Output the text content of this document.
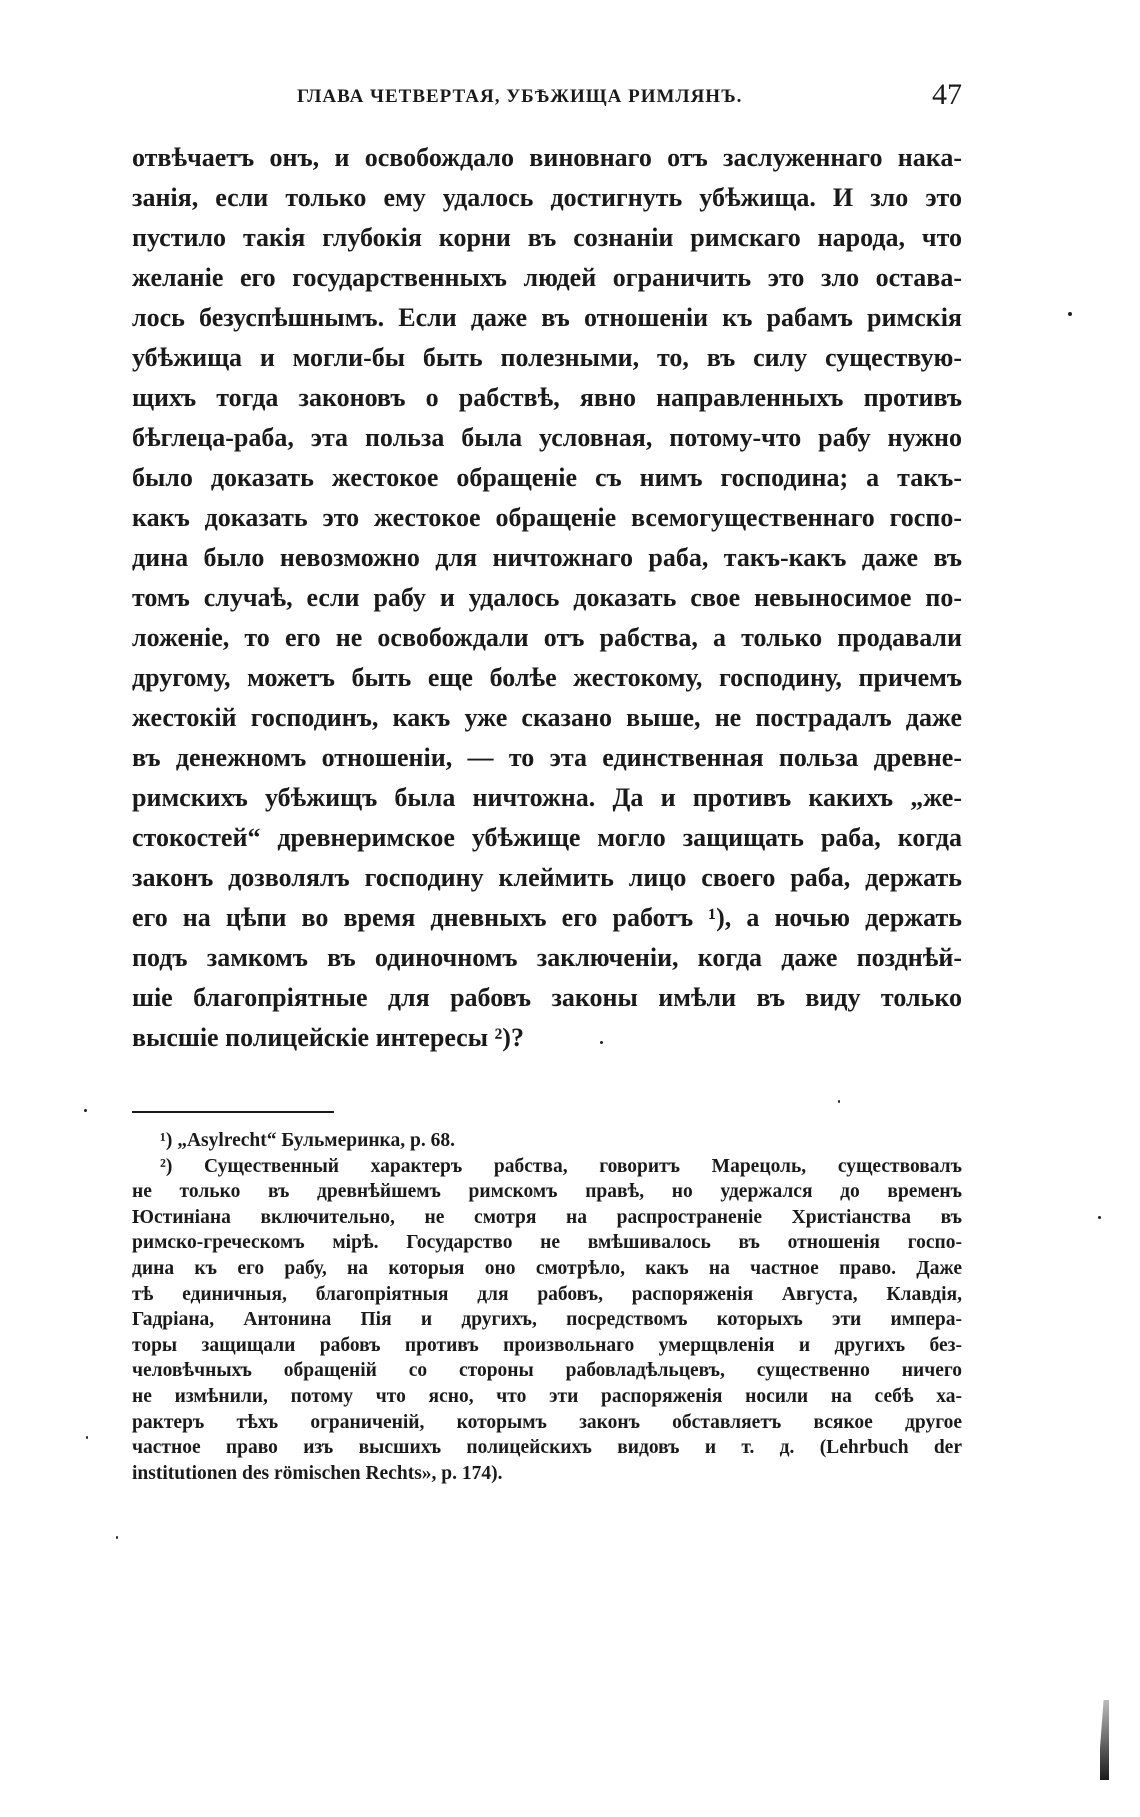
ГЛАВА ЧЕТВЕРТАЯ, УБѢЖИЩА РИМЛЯНЪ.	47
отвѣчаетъ онъ, и освобождало виновнаго отъ заслуженнаго нака-
занія, если только ему удалось достигнуть убѣжища. И зло это
пустило такія глубокія корни въ сознаніи римскаго народа, что
желаніе его государственныхъ людей ограничить это зло остава-
лось безуспѣшнымъ. Если даже въ отношеніи къ рабамъ римскія
убѣжища и могли-бы быть полезными, то, въ силу существую-
щихъ тогда законовъ о рабствѣ, явно направленныхъ противъ
бѣглеца-раба, эта польза была условная, потому-что рабу нужно
было доказать жестокое обращеніе съ нимъ господина; а такъ-
какъ доказать это жестокое обращеніе всемогущественнаго госпо-
дина было невозможно для ничтожнаго раба, такъ-какъ даже въ
томъ случаѣ, если рабу и удалось доказать свое невыносимое по-
ложеніе, то его не освобождали отъ рабства, а только продавали
другому, можетъ быть еще болѣе жестокому, господину, причемъ
жестокій господинъ, какъ уже сказано выше, не пострадалъ даже
въ денежномъ отношеніи, — то эта единственная польза древне-
римскихъ убѣжищъ была ничтожна. Да и противъ какихъ „же-
стокостей“ древнеримское убѣжище могло защищать раба, когда
законъ дозволялъ господину клеймить лицо своего раба, держать
его на цѣпи во время дневныхъ его работъ ¹), а ночью держать
подъ замкомъ въ одиночномъ заключеніи, когда даже позднѣй-
шіе благопріятные для рабовъ законы имѣли въ виду только
высшіе полицейскіе интересы ²)?
¹) „Asylrecht“ Бульмеринка, р. 68.
²) Существенный характеръ рабства, говоритъ Марецоль, существовалъ
не только въ древнѣйшемъ римскомъ правѣ, но удержался до временъ
Юстиніана включительно, не смотря на распространеніе Христіанства въ
римско-греческомъ мірѣ. Государство не вмѣшивалось въ отношенія госпо-
дина къ его рабу, на которыя оно смотрѣло, какъ на частное право. Даже
тѣ единичныя, благопріятныя для рабовъ, распоряженія Августа, Клавдія,
Гадріана, Антонина Пія и другихъ, посредствомъ которыхъ эти импера-
торы защищали рабовъ противъ произвольнаго умерщвленія и другихъ без-
человѣчныхъ обращеній со стороны рабовладѣльцевъ, существенно ничего
не измѣнили, потому что ясно, что эти распоряженія носили на себѣ ха-
рактеръ тѣхъ ограниченій, которымъ законъ обставляетъ всякое другое
частное право изъ высшихъ полицейскихъ видовъ и т. д. (Lehrbuch der
institutionen des römischen Rechts», р. 174).
